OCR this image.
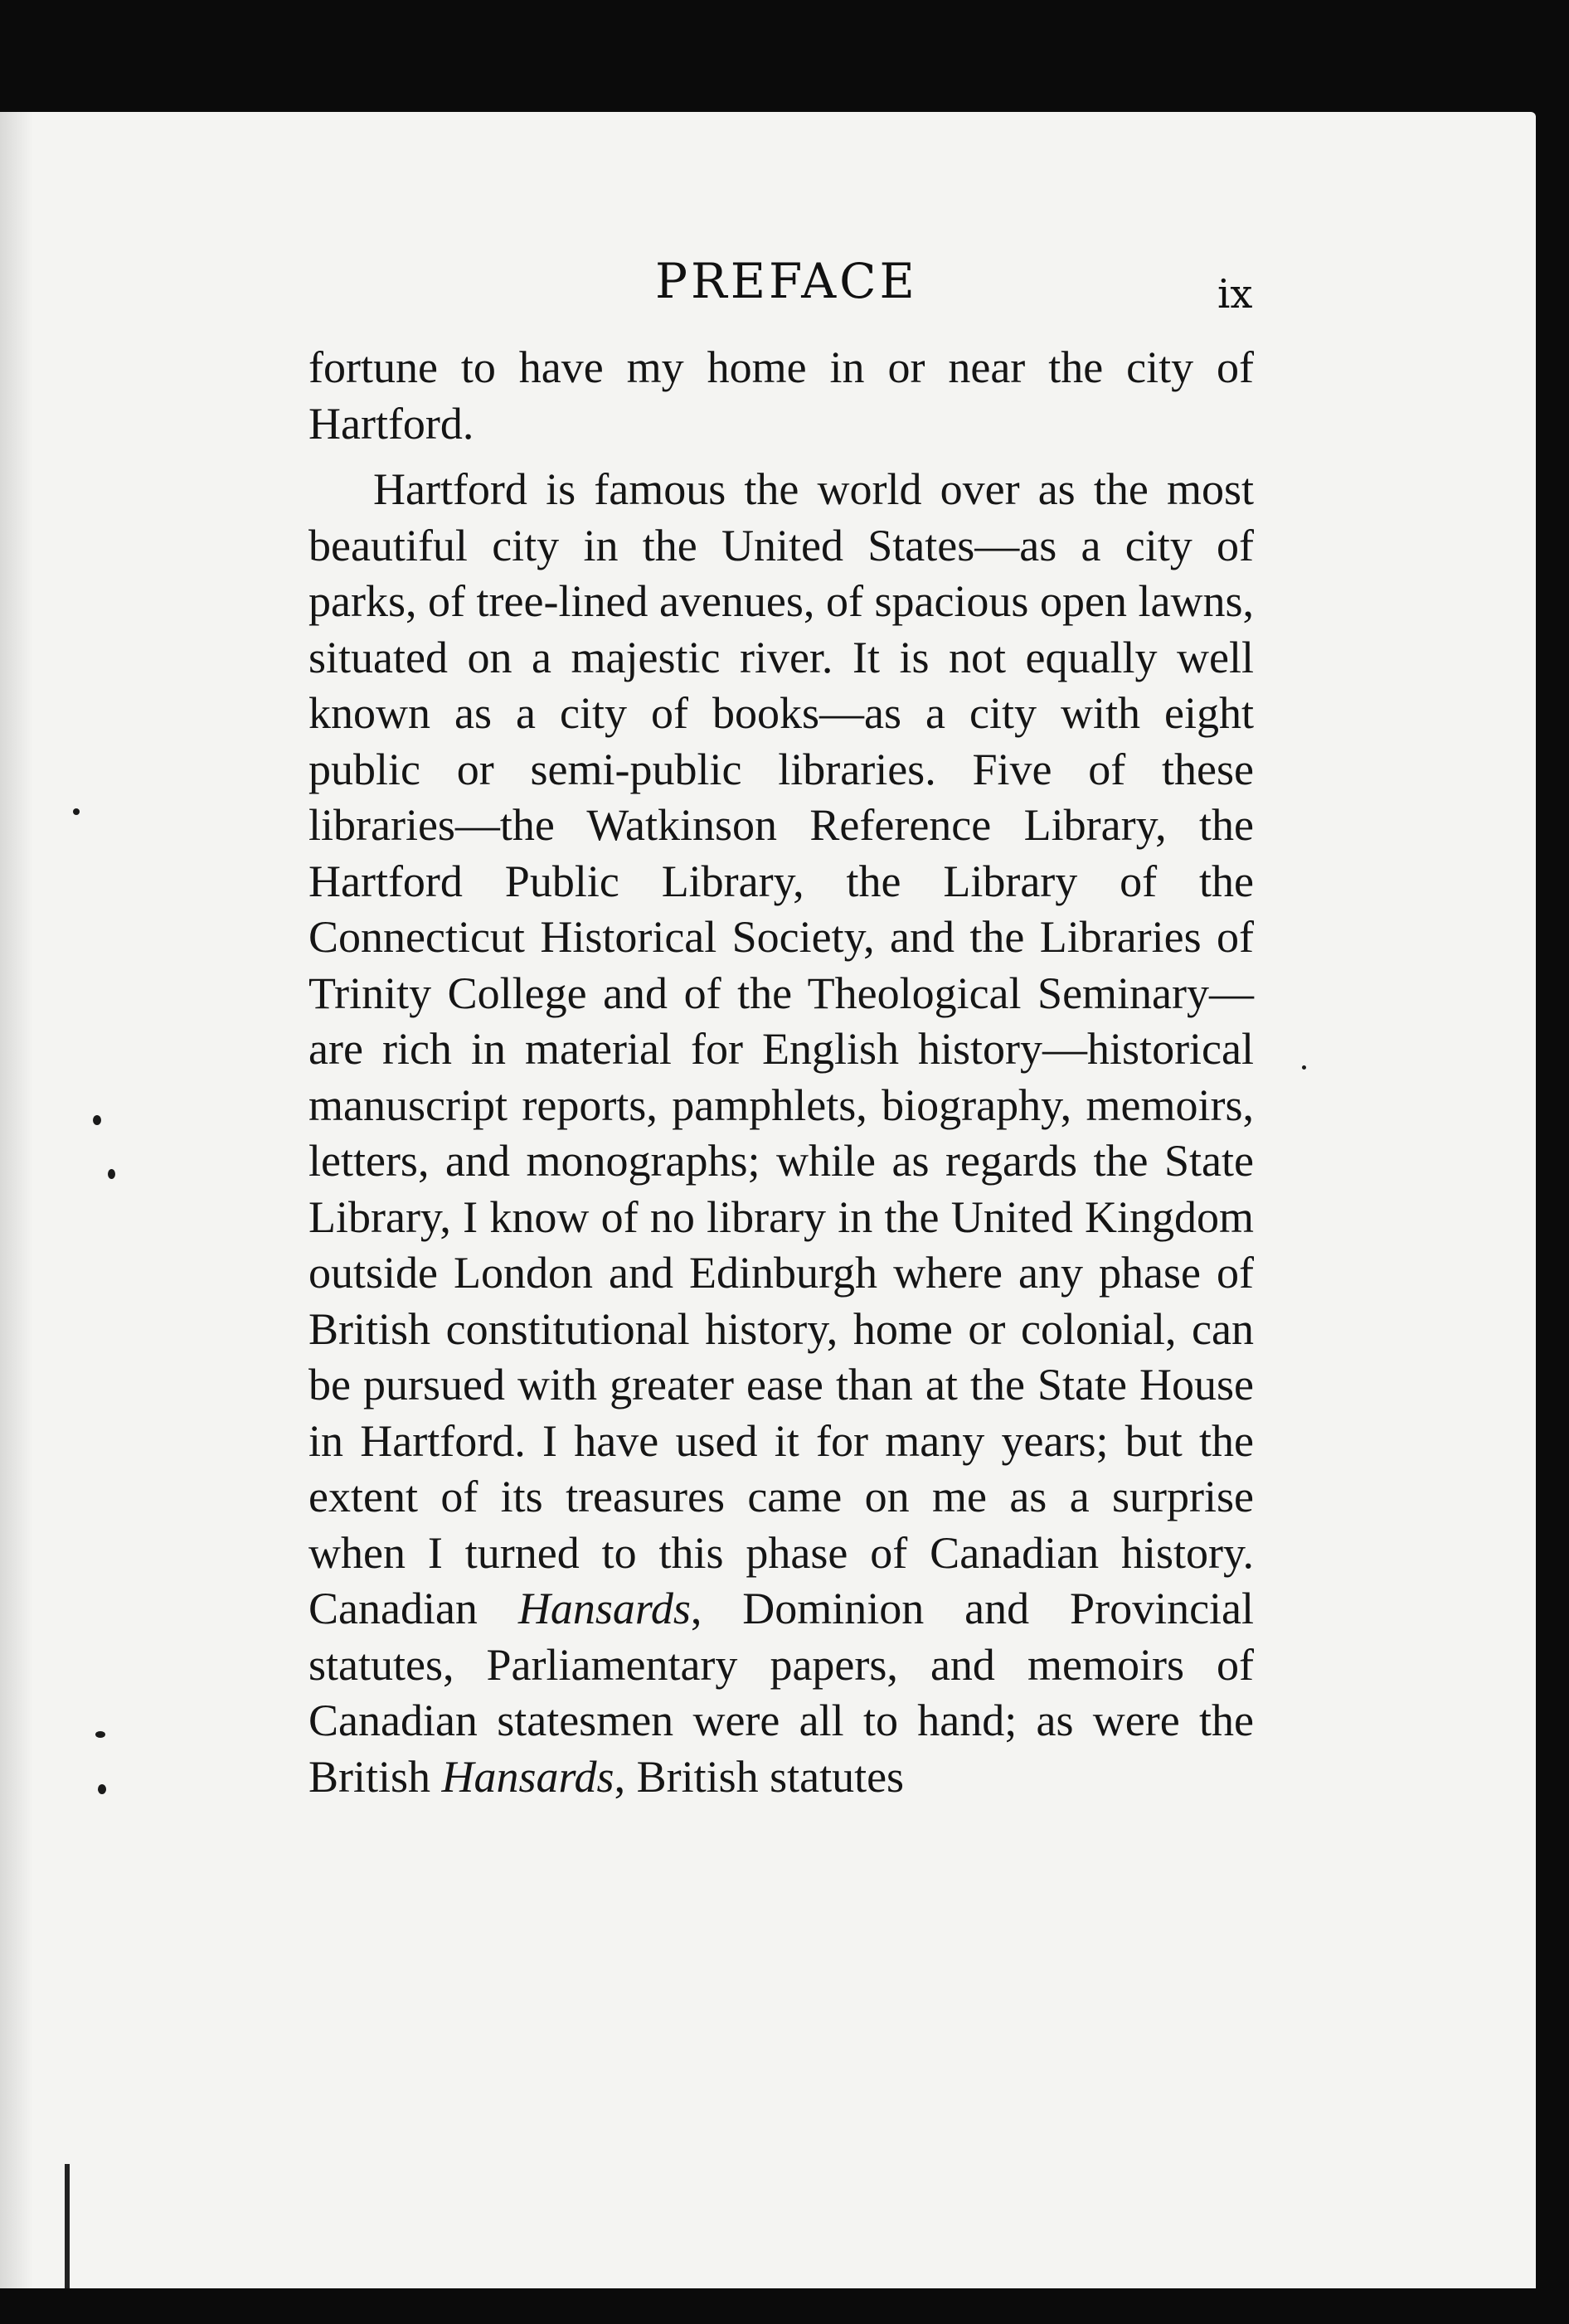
PREFACE	ix

fortune to have my home in or near the city of Hartford.

Hartford is famous the world over as the most beautiful city in the United States—as a city of parks, of tree-lined avenues, of spacious open lawns, situated on a majestic river. It is not equally well known as a city of books—as a city with eight public or semi-public libraries. Five of these libraries—the Watkinson Reference Library, the Hartford Public Library, the Library of the Connecticut Historical Society, and the Libraries of Trinity College and of the Theological Seminary—are rich in material for English history—historical manuscript reports, pamphlets, biography, memoirs, letters, and monographs; while as regards the State Library, I know of no library in the United Kingdom outside London and Edinburgh where any phase of British constitutional history, home or colonial, can be pursued with greater ease than at the State House in Hartford. I have used it for many years; but the extent of its treasures came on me as a surprise when I turned to this phase of Canadian history. Canadian Hansards, Dominion and Provincial statutes, Parliamentary papers, and memoirs of Canadian statesmen were all to hand; as were the British Hansards, British statutes
